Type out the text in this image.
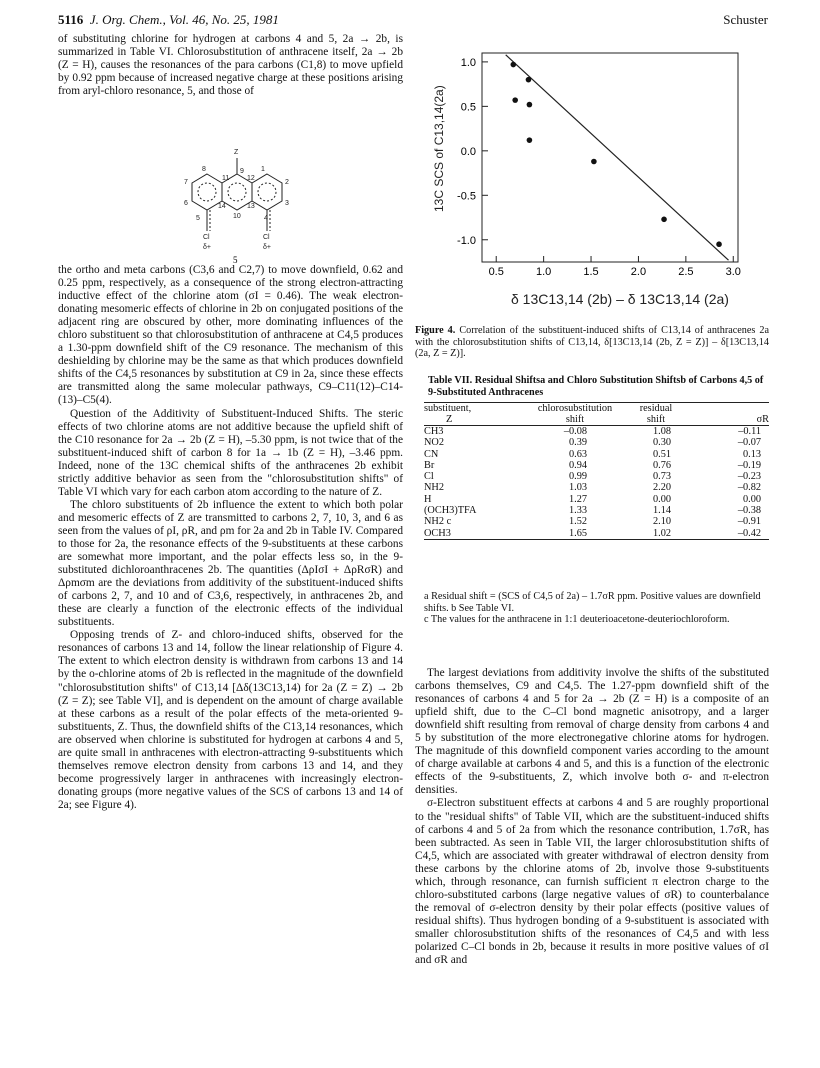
5116 J. Org. Chem., Vol. 46, No. 25, 1981	Schuster

of substituting chlorine for hydrogen at carbons 4 and 5, 2a → 2b, is summarized in Table VI. Chlorosubstitution of anthracene itself, 2a → 2b (Z = H), causes the resonances of the para carbons (C1,8) to move upfield by 0.92 ppm because of increased negative charge at these positions arising from aryl-chloro resonance, 5, and those of

Z
1
2
3
4
5
6
7
8	9
10
11	12
13
14
Cl	Cl
δ+	δ+
5

the ortho and meta carbons (C3,6 and C2,7) to move downfield, 0.62 and 0.25 ppm, respectively, as a consequence of the strong electron-attracting inductive effect of the chlorine atom (σI = 0.46). The weak electron-donating mesomeric effects of chlorine in 2b on conjugated positions of the adjacent ring are obscured by other, more dominating influences of the chloro substituent so that chlorosubstitution of anthracene at C4,5 produces a 1.30-ppm downfield shift of the C9 resonance. The mechanism of this deshielding by chlorine may be the same as that which produces downfield shifts of the C4,5 resonances by substitution at C9 in 2a, since these effects are transmitted along the same molecular pathways, C9–C11(12)–C14-(13)–C5(4).

Question of the Additivity of Substituent-Induced Shifts. The steric effects of two chlorine atoms are not additive because the upfield shift of the C10 resonance for 2a → 2b (Z = H), –5.30 ppm, is not twice that of the substituent-induced shift of carbon 8 for 1a → 1b (Z = H), –3.46 ppm. Indeed, none of the 13C chemical shifts of the anthracenes 2b exhibit strictly additive behavior as seen from the "chlorosubstitution shifts" of Table VI which vary for each carbon atom according to the nature of Z.

The chloro substituents of 2b influence the extent to which both polar and mesomeric effects of Z are transmitted to carbons 2, 7, 10, 3, and 6 as seen from the values of ρI, ρR, and ρm for 2a and 2b in Table IV. Compared to those for 2a, the resonance effects of the 9-substituents at these carbons are somewhat more important, and the polar effects less so, in the 9-substituted dichloroanthracenes 2b. The quantities (ΔρIσI + ΔρRσR) and Δρmσm are the deviations from additivity of the substituent-induced shifts of carbons 2, 7, and 10 and of C3,6, respectively, in anthracenes 2b, and these are clearly a function of the electronic effects of the individual substituents.

Opposing trends of Z- and chloro-induced shifts, observed for the resonances of carbons 13 and 14, follow the linear relationship of Figure 4. The extent to which electron density is withdrawn from carbons 13 and 14 by the o-chlorine atoms of 2b is reflected in the magnitude of the downfield "chlorosubstitution shifts" of C13,14 [Δδ(13C13,14) for 2a (Z = Z) → 2b (Z = Z); see Table VI], and is dependent on the amount of charge available at these carbons as a result of the polar effects of the meta-oriented 9-substituents, Z. Thus, the downfield shifts of the C13,14 resonances, which are observed when chlorine is substituted for hydrogen at carbons 4 and 5, are quite small in anthracenes with electron-attracting 9-substituents which themselves remove electron density from carbons 13 and 14, and they become progressively larger in anthracenes with increasingly electron-donating groups (more negative values of the SCS of carbons 13 and 14 of 2a; see Figure 4).

0.5	1.0	1.5	2.0	2.5	3.0
1.0
0.5
0.0
-0.5
-1.0
13C SCS of C13,14(2a)
δ 13C13,14 (2b) – δ 13C13,14 (2a)
Figure 4. Correlation of the substituent-induced shifts of C13,14 of anthracenes 2a with the chlorosubstitution shifts of C13,14, δ[13C13,14 (2b, Z = Z)] – δ[13C13,14 (2a, Z = Z)].
Table VII. Residual Shiftsa and Chloro Substitution Shiftsb of Carbons 4,5 of 9-Substituted Anthracenes
substituent,	chlorosubstitution	residual
Z	shift	shift	σR
CH3	–0.08	1.08	–0.11
NO2	0.39	0.30	–0.07
CN	0.63	0.51	0.13
Br	0.94	0.76	–0.19
Cl	0.99	0.73	–0.23
NH2	1.03	2.20	–0.82
H	1.27	0.00	0.00
(OCH3)TFA	1.33	1.14	–0.38
NH2 c	1.52	2.10	–0.91
OCH3	1.65	1.02	–0.42
a Residual shift = (SCS of C4,5 of 2a) – 1.7σR ppm. Positive values are downfield shifts. b See Table VI.
c The values for the anthracene in 1:1 deuterioacetone-deuteriochloroform.

The largest deviations from additivity involve the shifts of the substituted carbons themselves, C9 and C4,5. The 1.27-ppm downfield shift of the resonances of carbons 4 and 5 for 2a → 2b (Z = H) is a composite of an upfield shift, due to the C–Cl bond magnetic anisotropy, and a larger downfield shift resulting from removal of charge density from carbons 4 and 5 by substitution of the more electronegative chlorine atoms for hydrogen. The magnitude of this downfield component varies according to the amount of charge available at carbons 4 and 5, and this is a function of the electronic effects of the 9-substituents, Z, which involve both σ- and π-electron densities.

σ-Electron substituent effects at carbons 4 and 5 are roughly proportional to the "residual shifts" of Table VII, which are the substituent-induced shifts of carbons 4 and 5 of 2a from which the resonance contribution, 1.7σR, has been subtracted. As seen in Table VII, the larger chlorosubstitution shifts of C4,5, which are associated with greater withdrawal of electron density from these carbons by the chlorine atoms of 2b, involve those 9-substituents which, through resonance, can furnish sufficient π electron charge to the chloro-substituted carbons (large negative values of σR) to counterbalance the removal of σ-electron density by their polar effects (positive values of residual shifts). Thus hydrogen bonding of a 9-substituent is associated with smaller chlorosubstitution shifts of the resonances of C4,5 and with less polarized C–Cl bonds in 2b, because it results in more positive values of σI and σR and
